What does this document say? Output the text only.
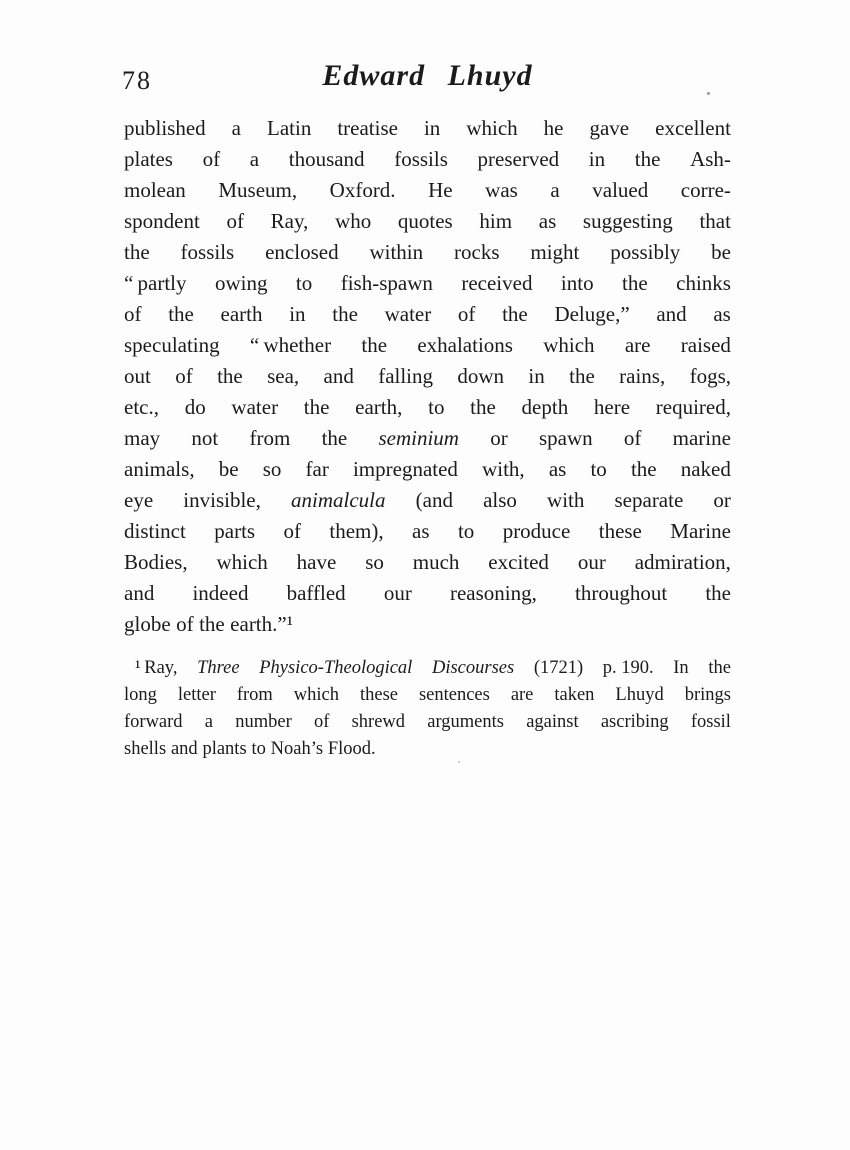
78	Edward Lhuyd
published a Latin treatise in which he gave excellent
plates of a thousand fossils preserved in the Ash-
molean Museum, Oxford. He was a valued corre-
spondent of Ray, who quotes him as suggesting that
the fossils enclosed within rocks might possibly be
“ partly owing to fish-spawn received into the chinks
of the earth in the water of the Deluge,” and as
speculating “ whether the exhalations which are raised
out of the sea, and falling down in the rains, fogs,
etc., do water the earth, to the depth here required,
may not from the seminium or spawn of marine
animals, be so far impregnated with, as to the naked
eye invisible, animalcula (and also with separate or
distinct parts of them), as to produce these Marine
Bodies, which have so much excited our admiration,
and indeed baffled our reasoning, throughout the
globe of the earth.”¹
¹ Ray, Three Physico-Theological Discourses (1721) p. 190. In the
long letter from which these sentences are taken Lhuyd brings
forward a number of shrewd arguments against ascribing fossil
shells and plants to Noah’s Flood.
